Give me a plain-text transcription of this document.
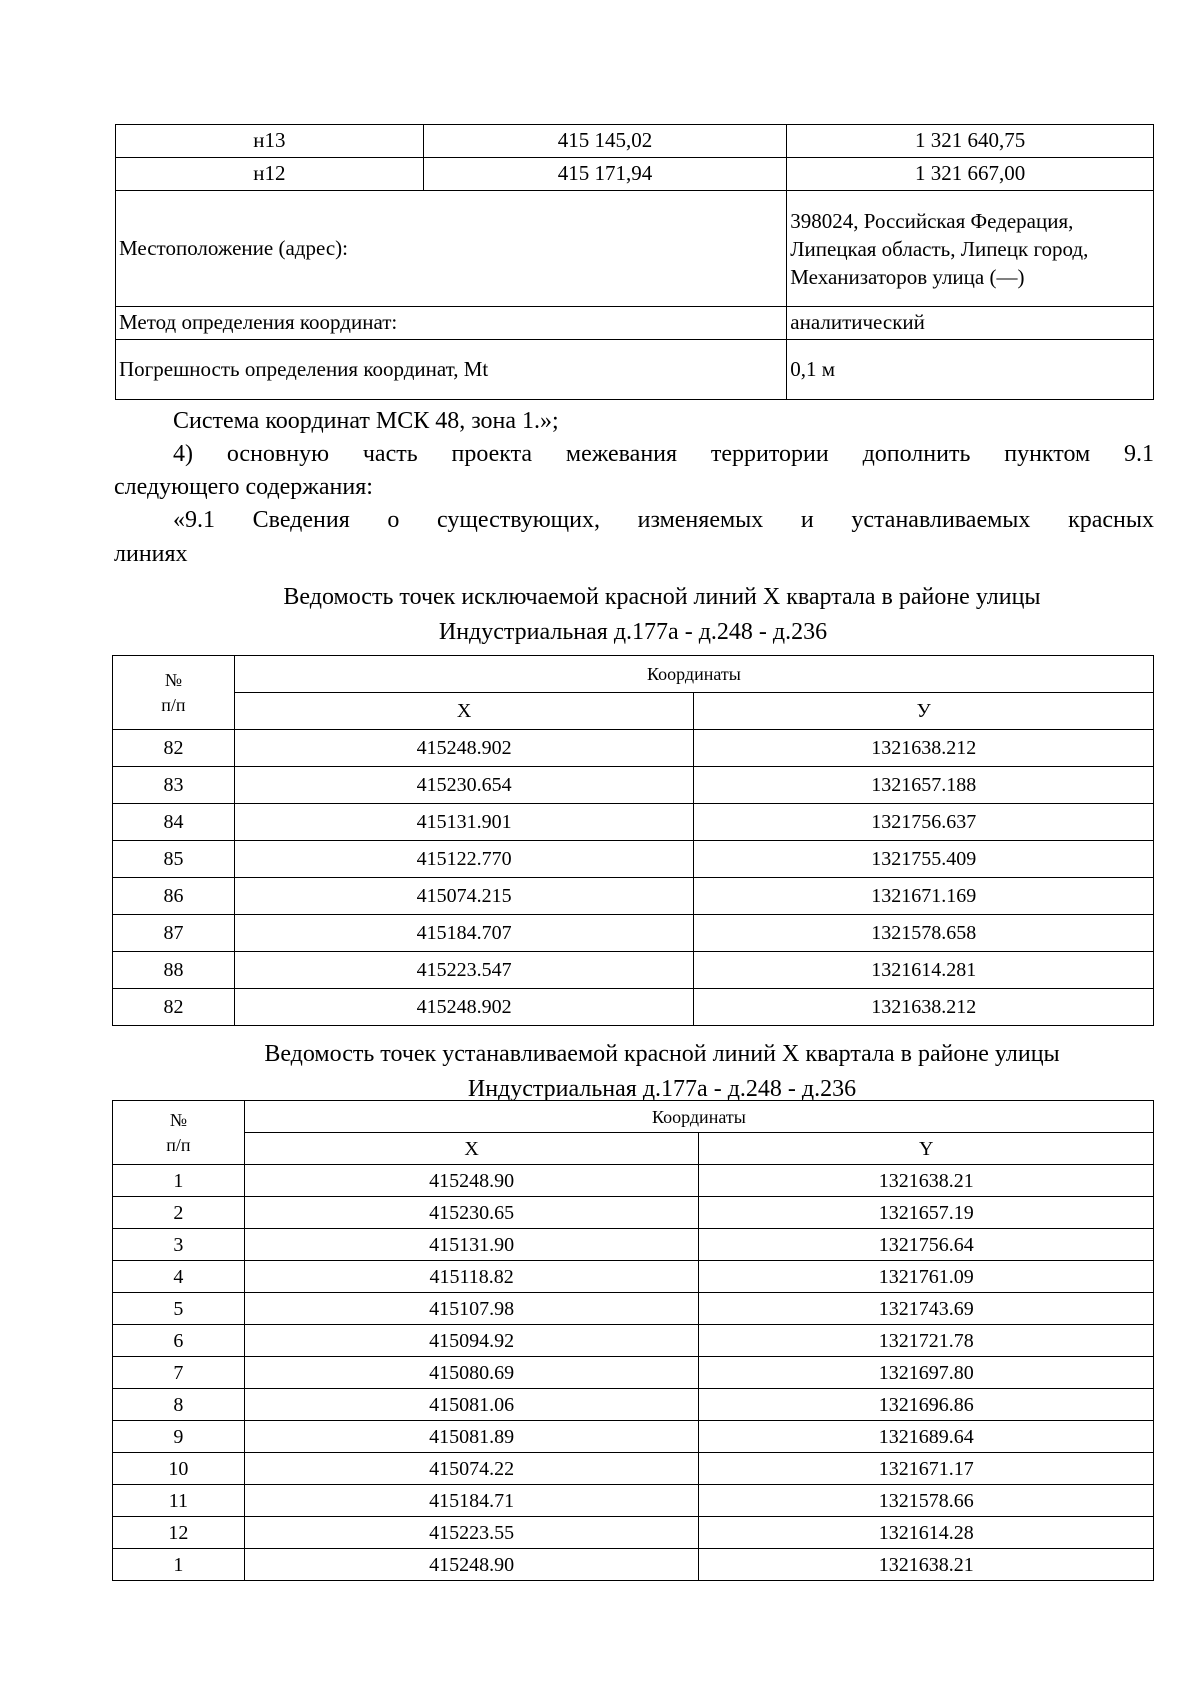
н13	415 145,02	1 321 640,75
н12	415 171,94	1 321 667,00
Местоположение (адрес):		398024, Российская Федерация,
Липецкая область, Липецк город,
Механизаторов улица (—)

Метод определения координат:		аналитический
Погрешность определения координат, Mt		0,1 м
Система координат МСК 48, зона 1.»;
4) основную часть проекта межевания территории дополнить пунктом 9.1
следующего содержания:
«9.1 Сведения о существующих, изменяемых и устанавливаемых красных
линиях
Ведомость точек исключаемой красной линий Х квартала в районе улицы
Индустриальная д.177а - д.248 - д.236
№
п/п	Координаты	
	X	У
82	415248.902	1321638.212
83	415230.654	1321657.188
84	415131.901	1321756.637
85	415122.770	1321755.409
86	415074.215	1321671.169
87	415184.707	1321578.658
88	415223.547	1321614.281
82	415248.902	1321638.212
Ведомость точек устанавливаемой красной линий Х квартала в районе улицы
Индустриальная д.177а - д.248 - д.236
№
п/п	Координаты	
	X	Y
1	415248.90	1321638.21
2	415230.65	1321657.19
3	415131.90	1321756.64
4	415118.82	1321761.09
5	415107.98	1321743.69
6	415094.92	1321721.78
7	415080.69	1321697.80
8	415081.06	1321696.86
9	415081.89	1321689.64
10	415074.22	1321671.17
11	415184.71	1321578.66
12	415223.55	1321614.28
1	415248.90	1321638.21
